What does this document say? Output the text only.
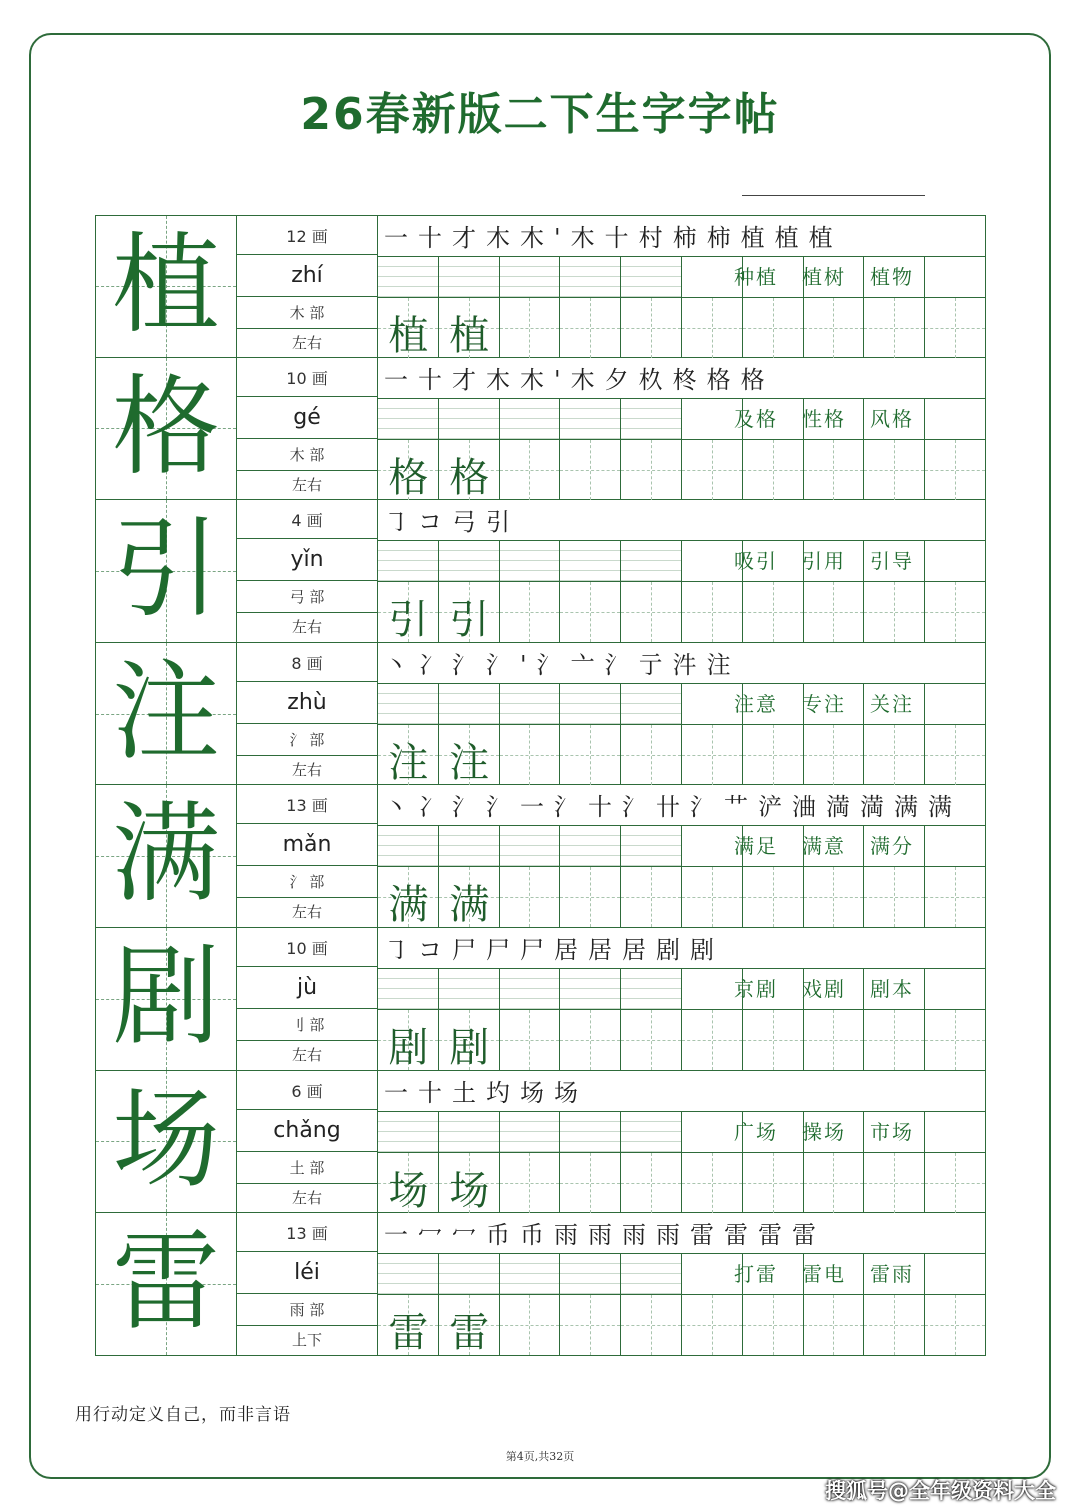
26春新版二下生字字帖
植	12 画
zhí
木 部
左右
一十才木木'木十村柿柿植植植
种植 植树 植物
植 植
格	10 画
gé
木 部
左右
一十才木木'木夕杦柊格格
及格 性格 风格
格 格
引	4 画
yǐn
弓 部
左右
㇆コ弓引
吸引 引用 引导
引 引
注	8 画
zhù
氵 部
左右
丶冫氵氵'氵亠氵亍汼注
注意 专注 关注
注 注
满	13 画
mǎn
氵 部
左右
丶冫氵氵一氵十氵卄氵艹浐浀満満满满
满足 满意 满分
满 满
剧	10 画
jù
刂 部
左右
㇆コ尸尸尸居居居剧剧
京剧 戏剧 剧本
剧 剧
场	6 画
chǎng
土 部
左右
一十土圴场场
广场 操场 市场
场 场
雷	13 画
léi
雨 部
上下
一冖冖币币雨雨雨雨雷雷雷雷
打雷 雷电 雷雨
雷 雷
用行动定义自己，而非言语
第4页,共32页
搜狐号@全年级资料大全
